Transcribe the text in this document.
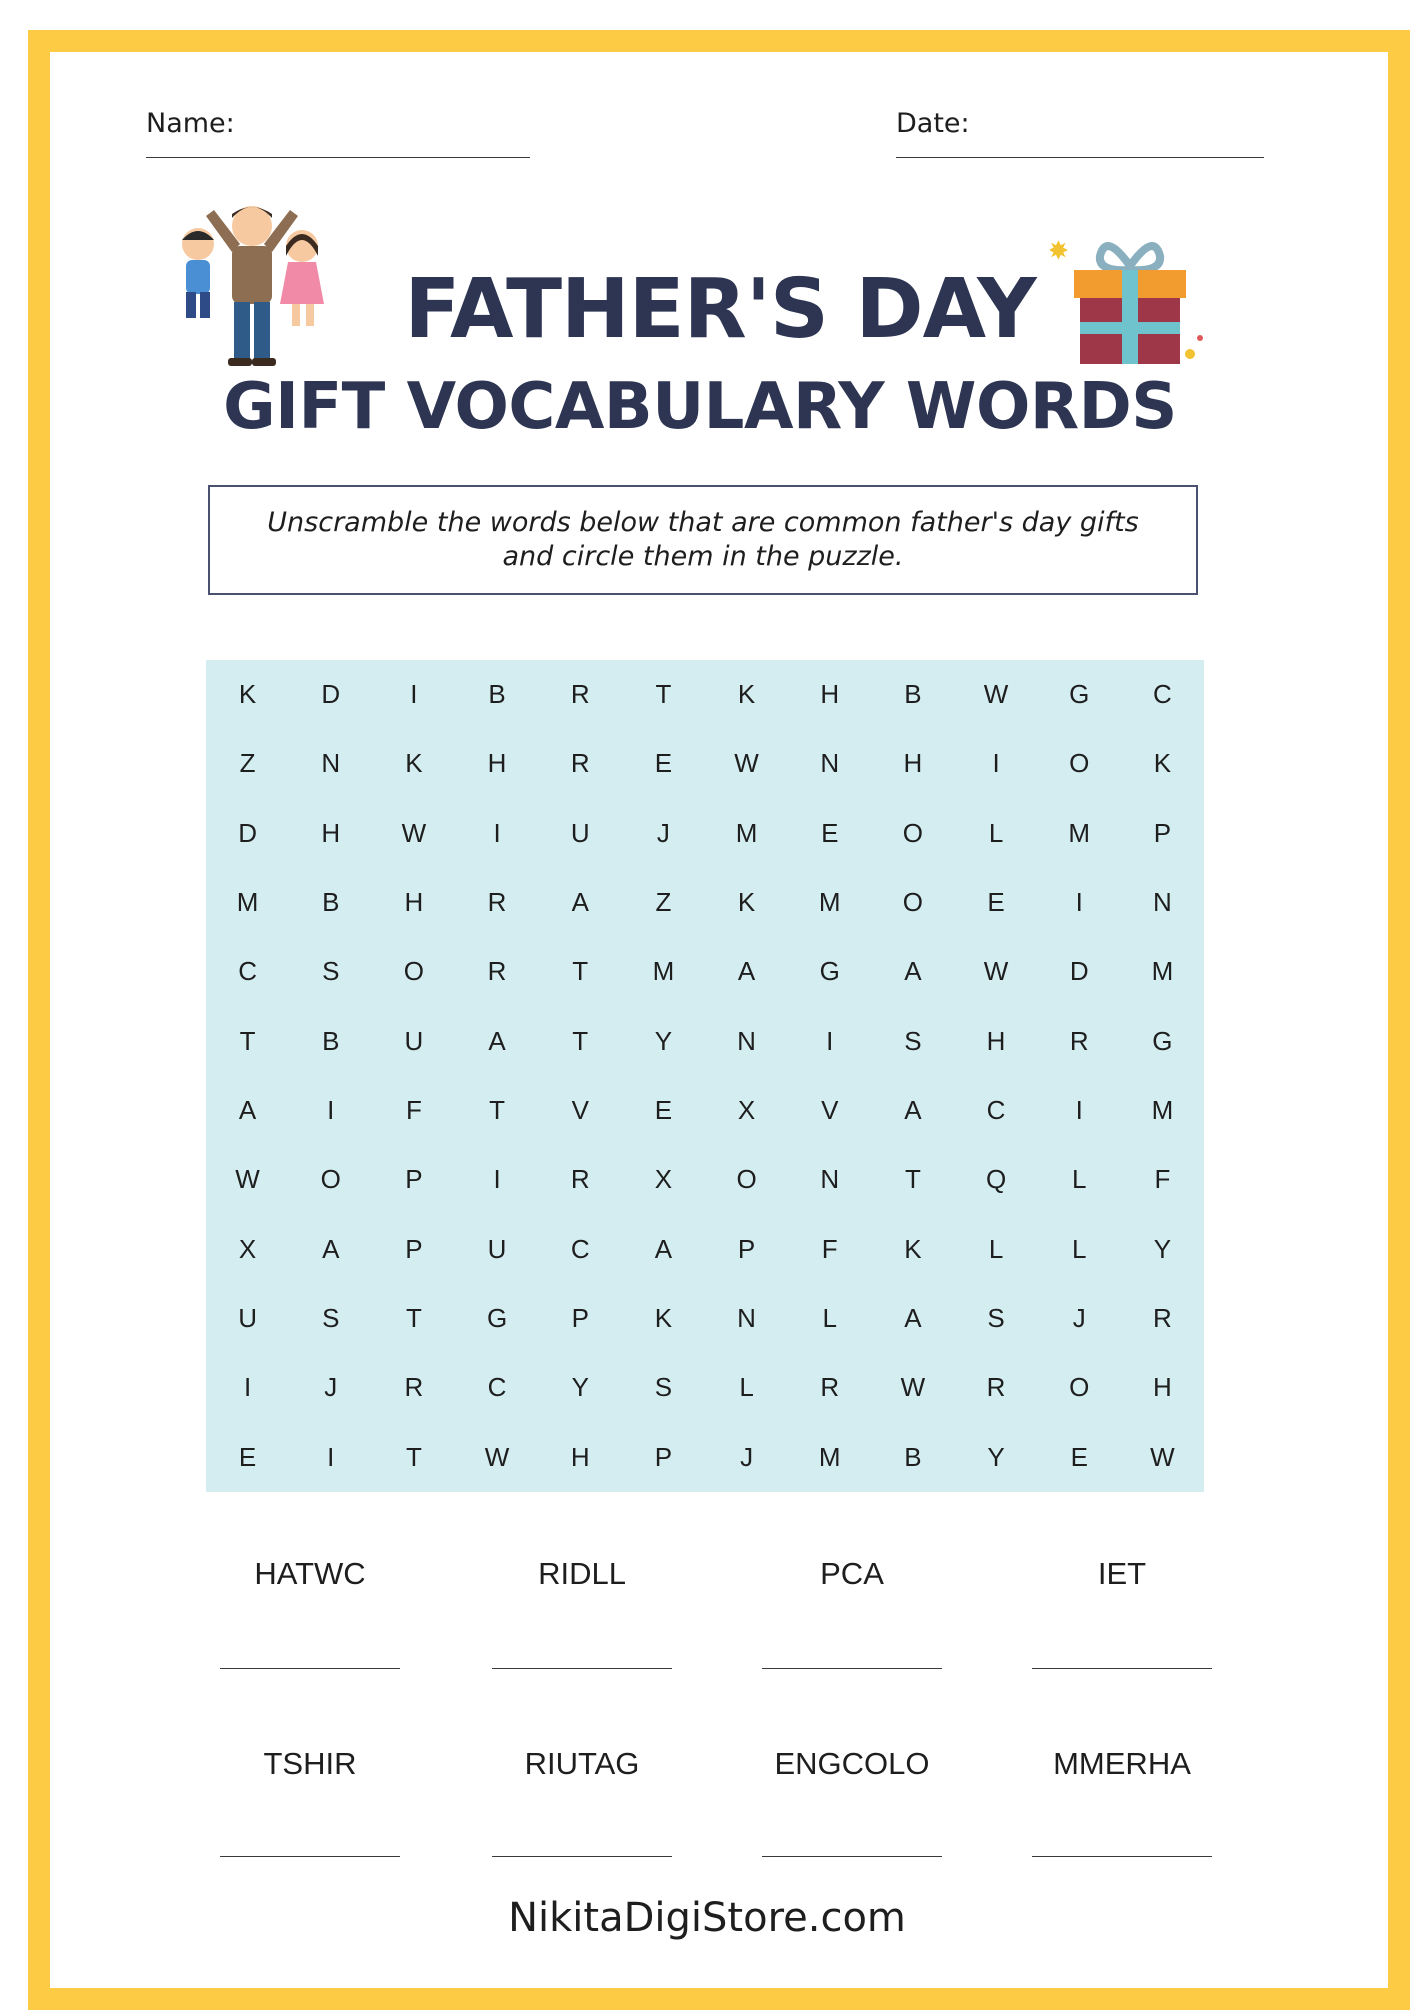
Name:	Date:
FATHER'S DAY
GIFT VOCABULARY WORDS
Unscramble the words below that are common father's day gifts and circle them in the puzzle.
K	D	I	B	R	T	K	H	B	W	G	C
Z	N	K	H	R	E	W	N	H	I	O	K
D	H	W	I	U	J	M	E	O	L	M	P
M	B	H	R	A	Z	K	M	O	E	I	N
C	S	O	R	T	M	A	G	A	W	D	M
T	B	U	A	T	Y	N	I	S	H	R	G
A	I	F	T	V	E	X	V	A	C	I	M
W	O	P	I	R	X	O	N	T	Q	L	F
X	A	P	U	C	A	P	F	K	L	L	Y
U	S	T	G	P	K	N	L	A	S	J	R
I	J	R	C	Y	S	L	R	W	R	O	H
E	I	T	W	H	P	J	M	B	Y	E	W
HATWC	RIDLL	PCA	IET
TSHIR	RIUTAG	ENGCOLO	MMERHA
NikitaDigiStore.com
